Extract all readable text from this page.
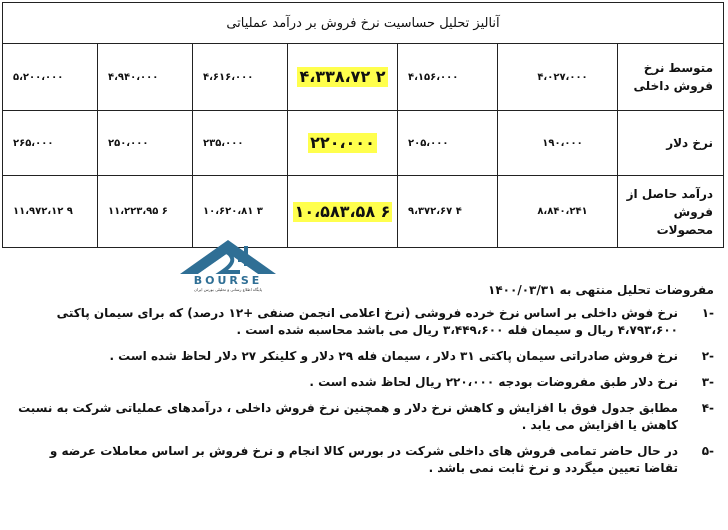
آنالیز تحلیل حساسیت نرخ فروش بر درآمد عملیاتی						
۵،۲۰۰،۰۰۰	۴،۹۴۰،۰۰۰	۴،۶۱۶،۰۰۰	۴،۳۳۸،۷۲ ۲	۴،۱۵۶،۰۰۰	۴،۰۲۷،۰۰۰	متوسط نرخ فروش داخلی
۲۶۵،۰۰۰	۲۵۰،۰۰۰	۲۳۵،۰۰۰	۲۲۰،۰۰۰	۲۰۵،۰۰۰	۱۹۰،۰۰۰	نرخ دلار
۱۱،۹۷۲،۱۲ ۹	۱۱،۲۲۳،۹۵ ۶	۱۰،۶۲۰،۸۱ ۳	۱۰،۵۸۳،۵۸ ۶	۹،۳۷۲،۶۷ ۴	۸،۸۴۰،۲۴۱	درآمد حاصل از فروش محصولات
BOURSE
پایگاه اطلاع رسانی و تحلیلی بورس ایران	مفروضات تحلیل منتهی به ۱۴۰۰/۰۳/۳۱

-۱
نرخ فوش داخلی بر اساس نرخ خرده فروشی (نرخ اعلامی انجمن صنفی +۱۲ درصد) که برای سیمان پاکتی ۴،۷۹۳،۶۰۰ ریال و سیمان فله ۳،۴۴۹،۶۰۰ ریال می باشد محاسبه شده است .
-۲
نرخ فروش صادراتی سیمان پاکتی ۳۱ دلار ، سیمان فله ۲۹ دلار و کلینکر ۲۷ دلار لحاظ شده است .
-۳
نرخ دلار طبق مفروضات بودجه ۲۲۰،۰۰۰ ریال لحاظ شده است .
-۴
مطابق جدول فوق با افزایش و کاهش نرخ دلار و همچنین نرخ فروش داخلی ، درآمدهای عملیاتی شرکت به نسبت کاهش یا افزایش می یابد .
-۵
در حال حاضر تمامی فروش های داخلی شرکت در بورس کالا انجام و نرخ فروش بر اساس معاملات عرضه و تقاضا تعیین میگردد و نرخ ثابت نمی باشد .
